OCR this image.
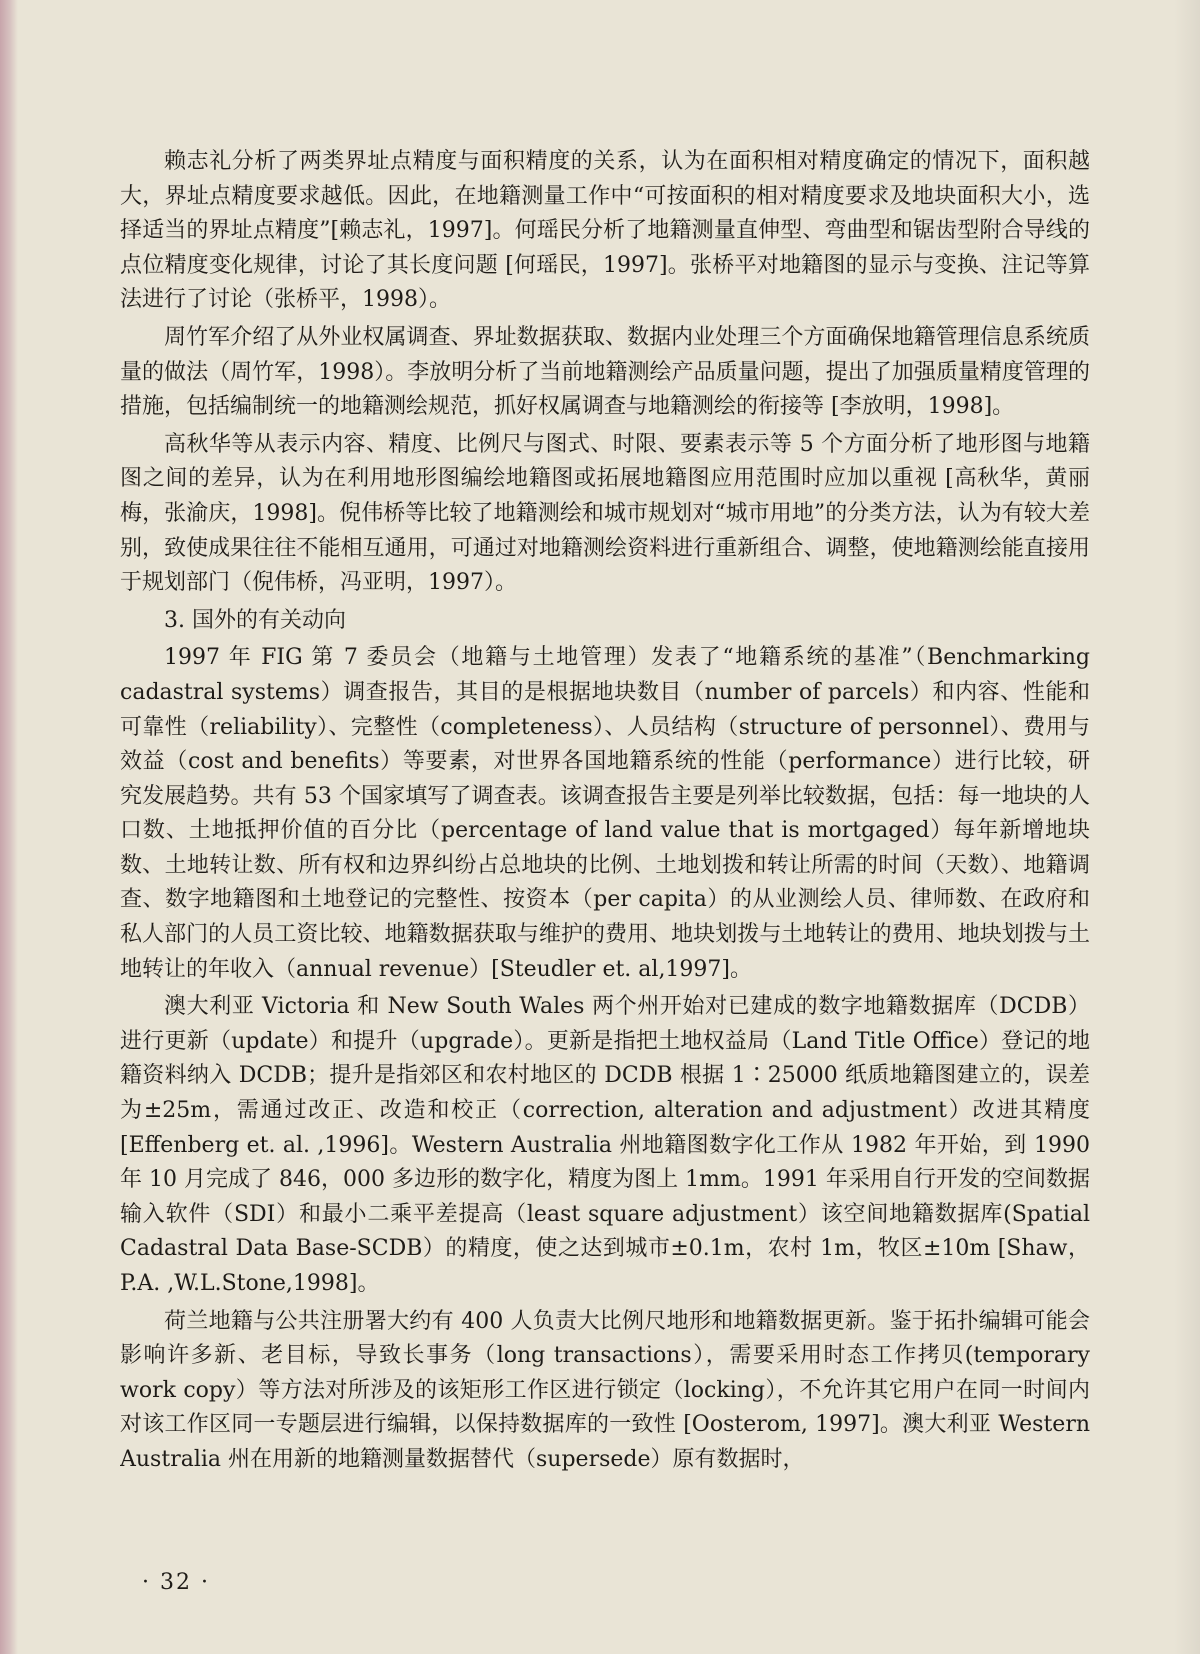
赖志礼分析了两类界址点精度与面积精度的关系，认为在面积相对精度确定的情况下，面积越大，界址点精度要求越低。因此，在地籍测量工作中“可按面积的相对精度要求及地块面积大小，选择适当的界址点精度”[赖志礼，1997]。何瑶民分析了地籍测量直伸型、弯曲型和锯齿型附合导线的点位精度变化规律，讨论了其长度问题 [何瑶民，1997]。张桥平对地籍图的显示与变换、注记等算法进行了讨论（张桥平，1998）。

周竹军介绍了从外业权属调查、界址数据获取、数据内业处理三个方面确保地籍管理信息系统质量的做法（周竹军，1998）。李放明分析了当前地籍测绘产品质量问题，提出了加强质量精度管理的措施，包括编制统一的地籍测绘规范，抓好权属调查与地籍测绘的衔接等 [李放明，1998]。

高秋华等从表示内容、精度、比例尺与图式、时限、要素表示等 5 个方面分析了地形图与地籍图之间的差异，认为在利用地形图编绘地籍图或拓展地籍图应用范围时应加以重视 [高秋华，黄丽梅，张渝庆，1998]。倪伟桥等比较了地籍测绘和城市规划对“城市用地”的分类方法，认为有较大差别，致使成果往往不能相互通用，可通过对地籍测绘资料进行重新组合、调整，使地籍测绘能直接用于规划部门（倪伟桥，冯亚明，1997）。

3. 国外的有关动向

1997 年 FIG 第 7 委员会（地籍与土地管理）发表了“地籍系统的基准”（Benchmarking cadastral systems）调查报告，其目的是根据地块数目（number of parcels）和内容、性能和可靠性（reliability）、完整性（completeness）、人员结构（structure of personnel）、费用与效益（cost and benefits）等要素，对世界各国地籍系统的性能（performance）进行比较，研究发展趋势。共有 53 个国家填写了调查表。该调查报告主要是列举比较数据，包括：每一地块的人口数、土地抵押价值的百分比（percentage of land value that is mortgaged）每年新增地块数、土地转让数、所有权和边界纠纷占总地块的比例、土地划拨和转让所需的时间（天数）、地籍调查、数字地籍图和土地登记的完整性、按资本（per capita）的从业测绘人员、律师数、在政府和私人部门的人员工资比较、地籍数据获取与维护的费用、地块划拨与土地转让的费用、地块划拨与土地转让的年收入（annual revenue）[Steudler et. al,1997]。

澳大利亚 Victoria 和 New South Wales 两个州开始对已建成的数字地籍数据库（DCDB）进行更新（update）和提升（upgrade）。更新是指把土地权益局（Land Title Office）登记的地籍资料纳入 DCDB；提升是指郊区和农村地区的 DCDB 根据 1∶25000 纸质地籍图建立的，误差为±25m，需通过改正、改造和校正（correction, alteration and adjustment）改进其精度 [Effenberg et. al. ,1996]。Western Australia 州地籍图数字化工作从 1982 年开始，到 1990 年 10 月完成了 846，000 多边形的数字化，精度为图上 1mm。1991 年采用自行开发的空间数据输入软件（SDI）和最小二乘平差提高（least square adjustment）该空间地籍数据库(Spatial Cadastral Data Base-SCDB）的精度，使之达到城市±0.1m，农村 1m，牧区±10m [Shaw，P.A. ,W.L.Stone,1998]。

荷兰地籍与公共注册署大约有 400 人负责大比例尺地形和地籍数据更新。鉴于拓扑编辑可能会影响许多新、老目标，导致长事务（long transactions），需要采用时态工作拷贝(temporary work copy）等方法对所涉及的该矩形工作区进行锁定（locking），不允许其它用户在同一时间内对该工作区同一专题层进行编辑，以保持数据库的一致性 [Oosterom, 1997]。澳大利亚 Western Australia 州在用新的地籍测量数据替代（supersede）原有数据时，

· 32 ·
